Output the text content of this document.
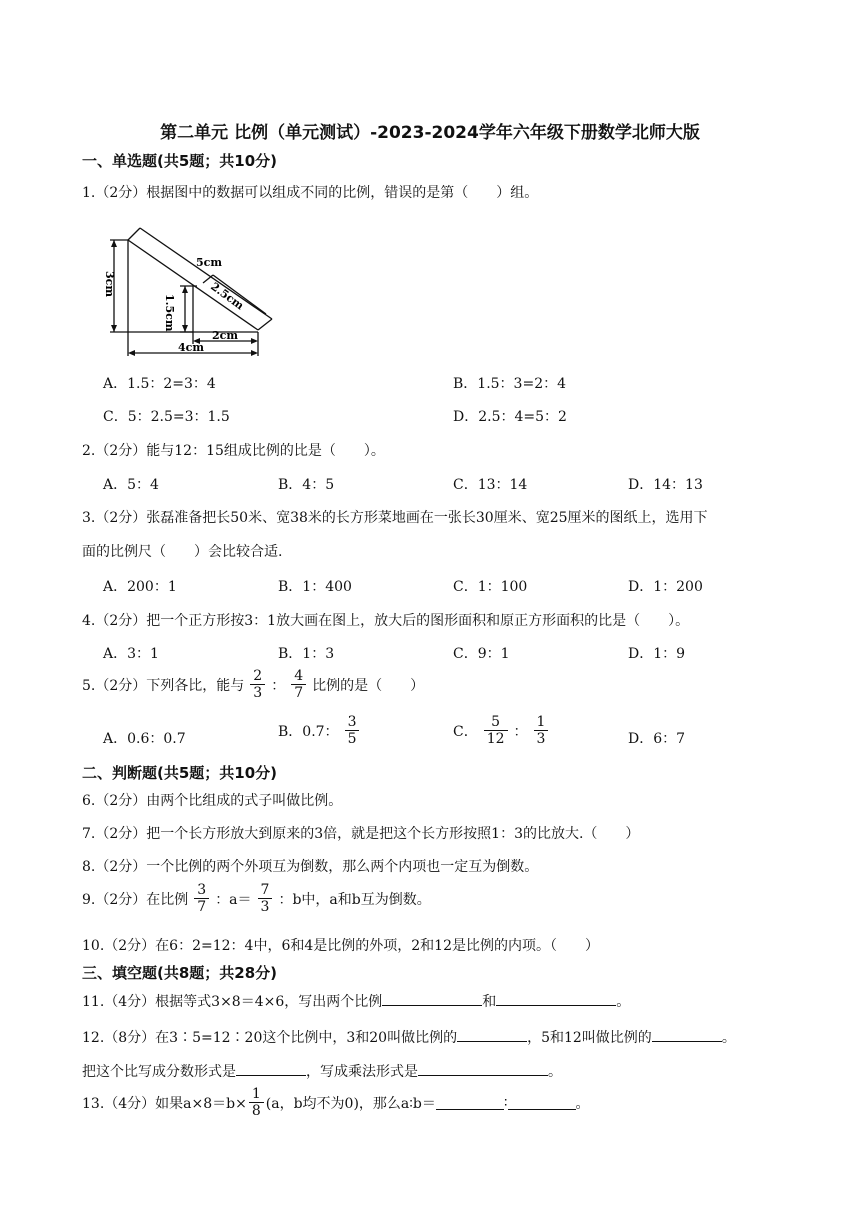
第二单元 比例（单元测试）-2023-2024学年六年级下册数学北师大版
一、单选题(共5题；共10分)
1.（2分）根据图中的数据可以组成不同的比例，错误的是第（　　）组。
5cm
3cm
1.5cm	2.5cm
2cm
4cm
A．1.5：2=3：4	B．1.5：3=2：4
C．5：2.5=3：1.5	D．2.5：4=5：2
2.（2分）能与12：15组成比例的比是（　　）。
A．5：4	B．4：5	C．13：14	D．14：13
3.（2分）张磊准备把长50米、宽38米的长方形菜地画在一张长30厘米、宽25厘米的图纸上，选用下
面的比例尺（　　）会比较合适.
A．200：1	B．1：400	C．1：100	D．1：200
4.（2分）把一个正方形按3：1放大画在图上，放大后的图形面积和原正方形面积的比是（　　）。
A．3：1	B．1：3	C．9：1	D．1：9
5.（2分）下列各比，能与 $\frac{2}{3}$ ： $\frac{4}{7}$ 比例的是（　　）
A．0.6：0.7	B．0.7： $\frac{3}{5}$	C． $\frac{5}{12}$ ： $\frac{1}{3}$	D．6：7
二、判断题(共5题；共10分)
6.（2分）由两个比组成的式子叫做比例。
7.（2分）把一个长方形放大到原来的3倍，就是把这个长方形按照1：3的比放大.（　　）
8.（2分）一个比例的两个外项互为倒数，那么两个内项也一定互为倒数。
9.（2分）在比例 $\frac{3}{7}$ ：$a= \frac{7}{3}$ ：b中，a和b互为倒数。
10.（2分）在6：2=12：4中，6和4是比例的外项，2和12是比例的内项。（　　）
三、填空题(共8题；共28分)
11.（4分）根据等式3×8＝4×6，写出两个比例	和	。
12.（8分）在3∶5=12∶20这个比例中，3和20叫做比例的	，5和12叫做比例的	。
把这个比写成分数形式是	，写成乘法形式是	。
13.（4分）如果$a\times 8=b\times \frac{1}{8} (a$，b均不为0)，那么a∶b＝	∶	。
